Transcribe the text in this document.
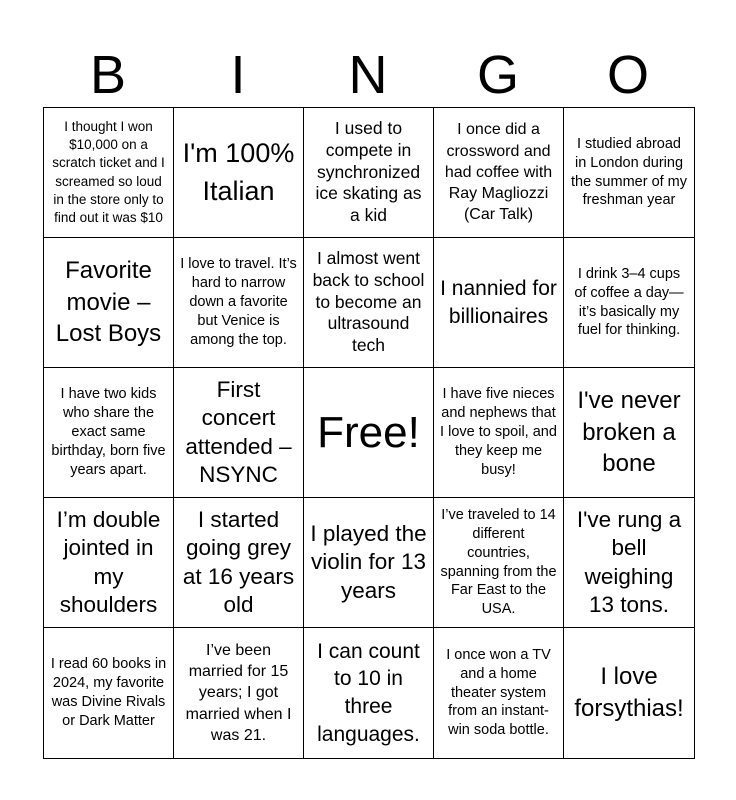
B	I	N	G	O
I thought I won $10,000 on a scratch ticket and I screamed so loud in the store only to find out it was $10
I'm 100% Italian
I used to compete in synchronized ice skating as a kid
I once did a crossword and had coffee with Ray Magliozzi (Car Talk)
I studied abroad in London during the summer of my freshman year
Favorite movie – Lost Boys
I love to travel. It’s hard to narrow down a favorite but Venice is among the top.
I almost went back to school to become an ultrasound tech
I nannied for billionaires
I drink 3–4 cups of coffee a day—it’s basically my fuel for thinking.
I have two kids who share the exact same birthday, born five years apart.
First concert attended – NSYNC
Free!
I have five nieces and nephews that I love to spoil, and they keep me busy!
I've never broken a bone
I’m double jointed in my shoulders
I started going grey at 16 years old
I played the violin for 13 years
I’ve traveled to 14 different countries, spanning from the Far East to the USA.
I've rung a bell weighing 13 tons.
I read 60 books in 2024, my favorite was Divine Rivals or Dark Matter
I’ve been married for 15 years; I got married when I was 21.
I can count to 10 in three languages.
I once won a TV and a home theater system from an instant-win soda bottle.
I love forsythias!
